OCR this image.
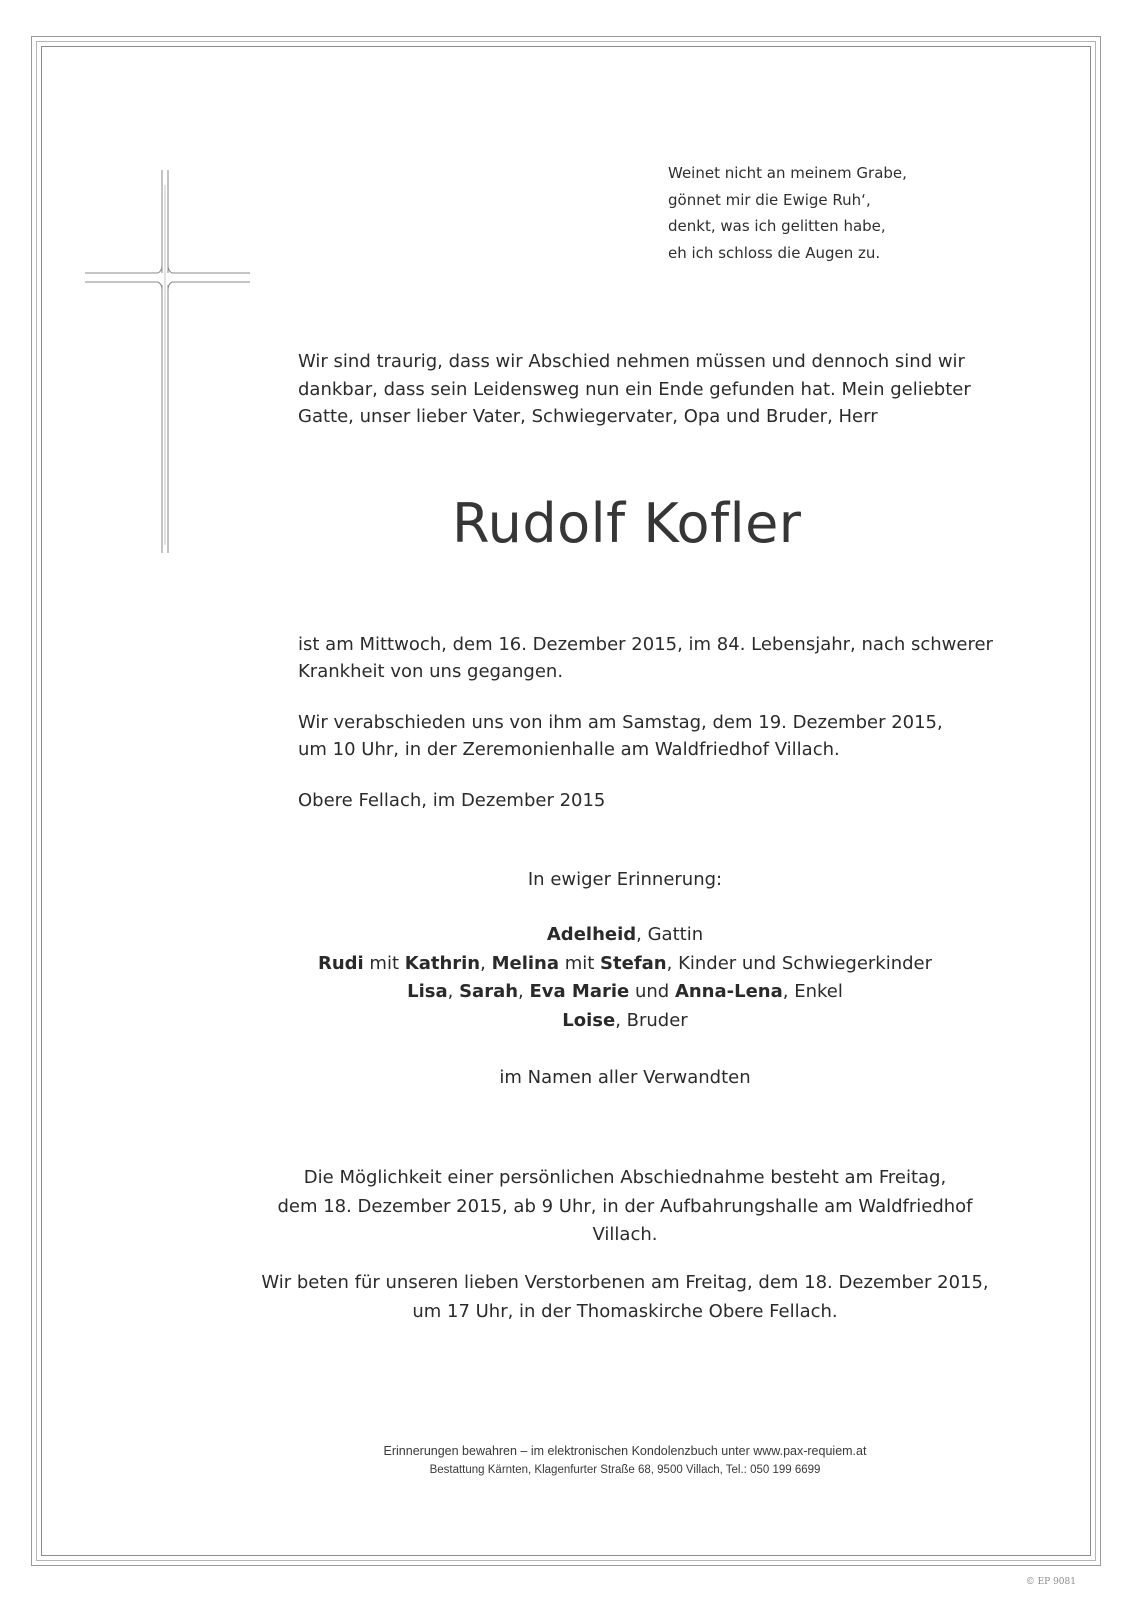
Weinet nicht an meinem Grabe,
gönnet mir die Ewige Ruh‘,
denkt, was ich gelitten habe,
eh ich schloss die Augen zu.
Wir sind traurig, dass wir Abschied nehmen müssen und dennoch sind wir
dankbar, dass sein Leidensweg nun ein Ende gefunden hat. Mein geliebter
Gatte, unser lieber Vater, Schwiegervater, Opa und Bruder, Herr
Rudolf Kofler

ist am Mittwoch, dem 16. Dezember 2015, im 84. Lebensjahr, nach schwerer

Krankheit von uns gegangen.

Wir verabschieden uns von ihm am Samstag, dem 19. Dezember 2015,

um 10 Uhr, in der Zeremonienhalle am Waldfriedhof Villach.

Obere Fellach, im Dezember 2015

In ewiger Erinnerung:
Adelheid, Gattin
Rudi mit Kathrin, Melina mit Stefan, Kinder und Schwiegerkinder
Lisa, Sarah, Eva Marie und Anna-Lena, Enkel
Loise, Bruder
im Namen aller Verwandten
Die Möglichkeit einer persönlichen Abschiednahme besteht am Freitag,
dem 18. Dezember 2015, ab 9 Uhr, in der Aufbahrungshalle am Waldfriedhof
Villach.
Wir beten für unseren lieben Verstorbenen am Freitag, dem 18. Dezember 2015,
um 17 Uhr, in der Thomaskirche Obere Fellach.
Erinnerungen bewahren – im elektronischen Kondolenzbuch unter www.pax-requiem.at
Bestattung Kärnten, Klagenfurter Straße 68, 9500 Villach, Tel.: 050 199 6699
© EP 9081
